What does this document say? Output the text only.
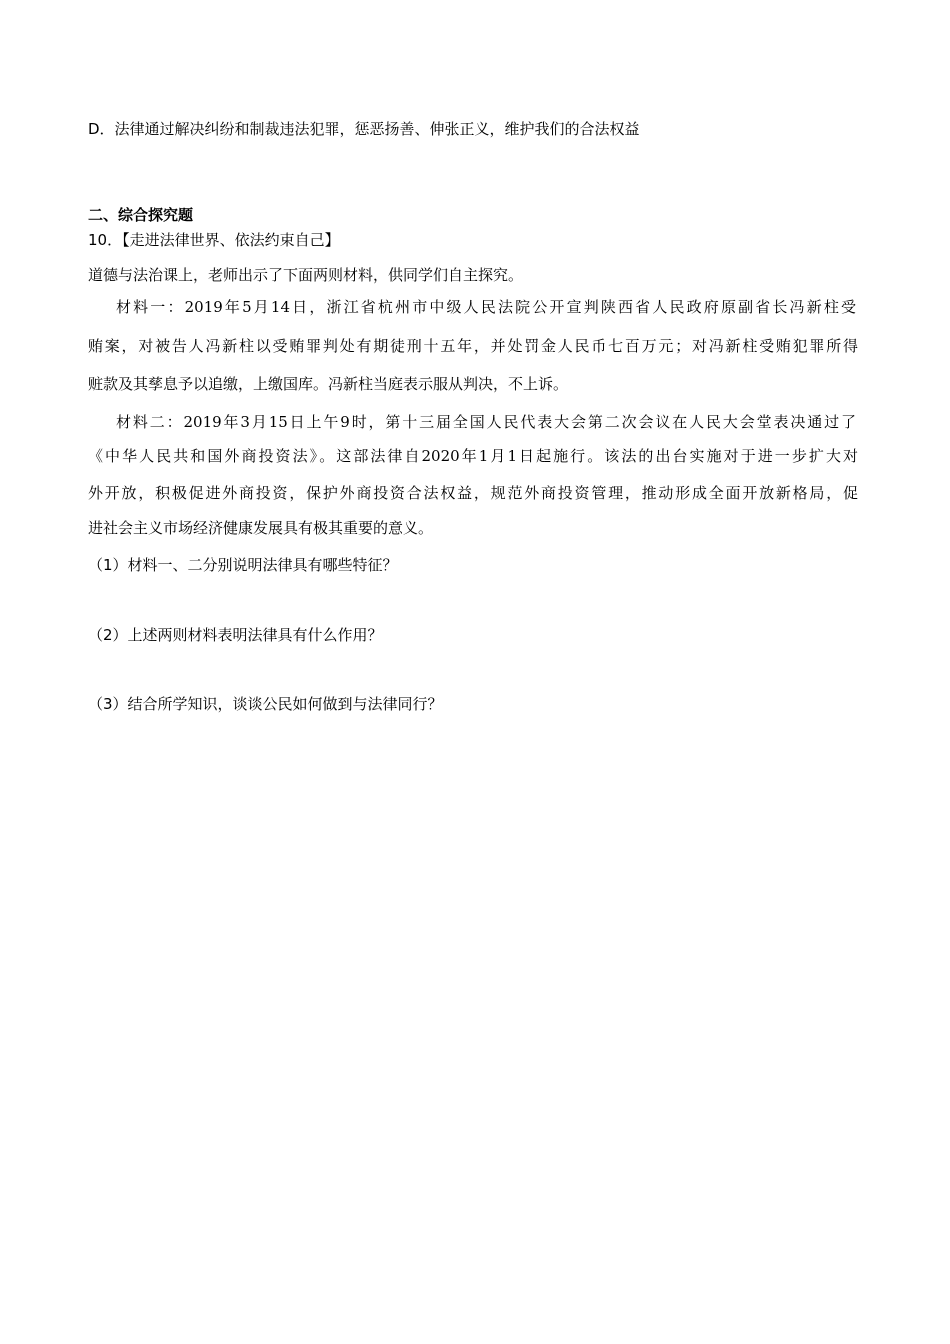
D．法律通过解决纠纷和制裁违法犯罪，惩恶扬善、伸张正义，维护我们的合法权益
二、综合探究题
10．【走进法律世界、依法约束自己】
道德与法治课上，老师出示了下面两则材料，供同学们自主探究。
材料一：2019年5月14日，浙江省杭州市中级人民法院公开宣判陕西省人民政府原副省长冯新柱受
贿案，对被告人冯新柱以受贿罪判处有期徒刑十五年，并处罚金人民币七百万元；对冯新柱受贿犯罪所得
赃款及其孳息予以追缴，上缴国库。冯新柱当庭表示服从判决，不上诉。
材料二：2019年3月15日上午9时，第十三届全国人民代表大会第二次会议在人民大会堂表决通过了
《中华人民共和国外商投资法》。这部法律自2020年1月1日起施行。该法的出台实施对于进一步扩大对
外开放，积极促进外商投资，保护外商投资合法权益，规范外商投资管理，推动形成全面开放新格局，促
进社会主义市场经济健康发展具有极其重要的意义。
（1）材料一、二分别说明法律具有哪些特征？
（2）上述两则材料表明法律具有什么作用？
（3）结合所学知识，谈谈公民如何做到与法律同行？
